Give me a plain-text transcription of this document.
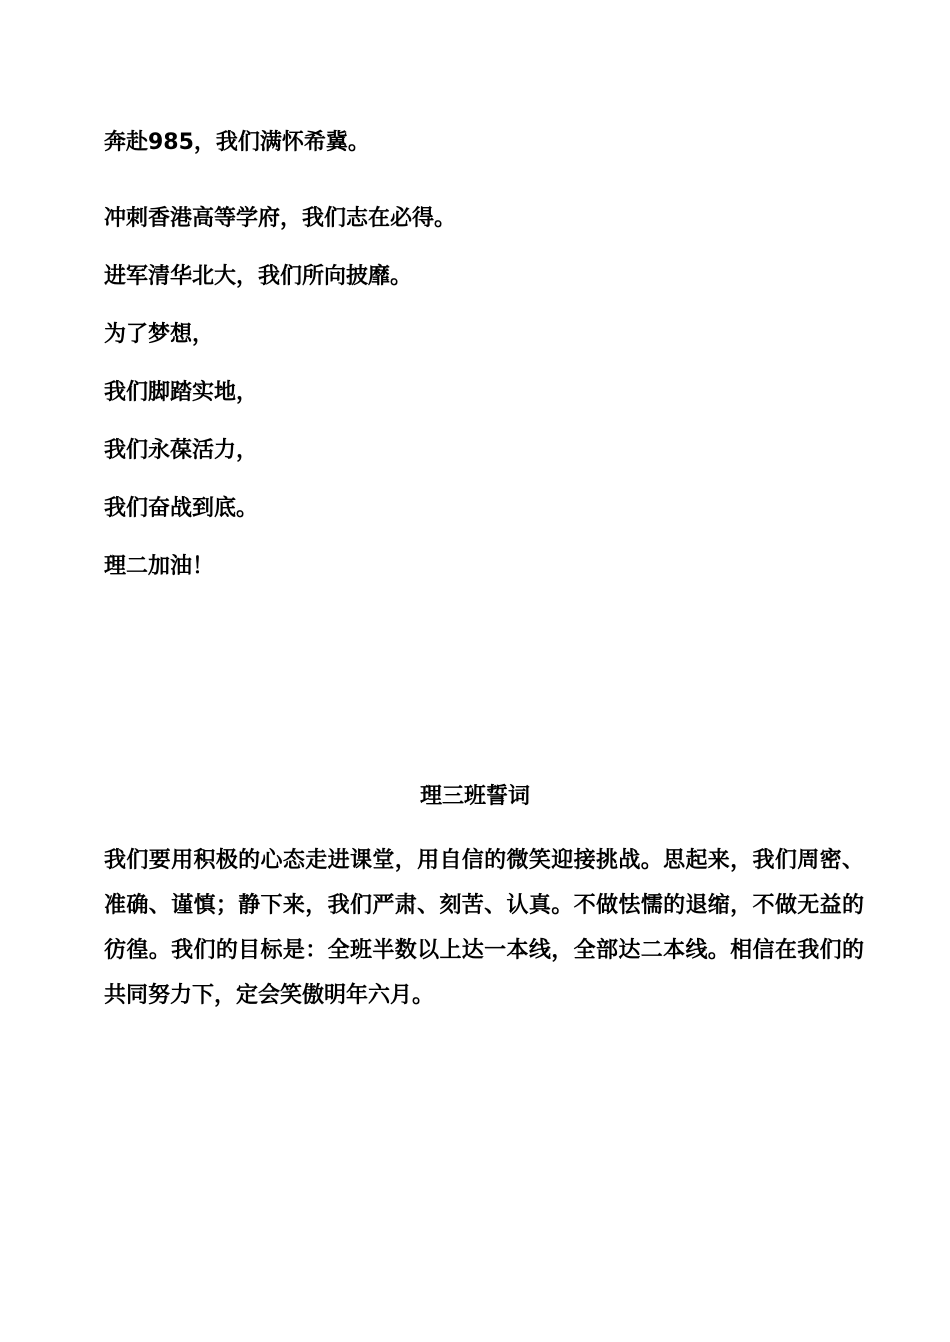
奔赴985，我们满怀希冀。

冲刺香港高等学府，我们志在必得。

进军清华北大，我们所向披靡。

为了梦想，

我们脚踏实地，

我们永葆活力，

我们奋战到底。

理二加油！

理三班誓词

我们要用积极的心态走进课堂，用自信的微笑迎接挑战。思起来，我们周密、准确、谨慎；静下来，我们严肃、刻苦、认真。不做怯懦的退缩，不做无益的彷徨。我们的目标是：全班半数以上达一本线，全部达二本线。相信在我们的共同努力下，定会笑傲明年六月。
